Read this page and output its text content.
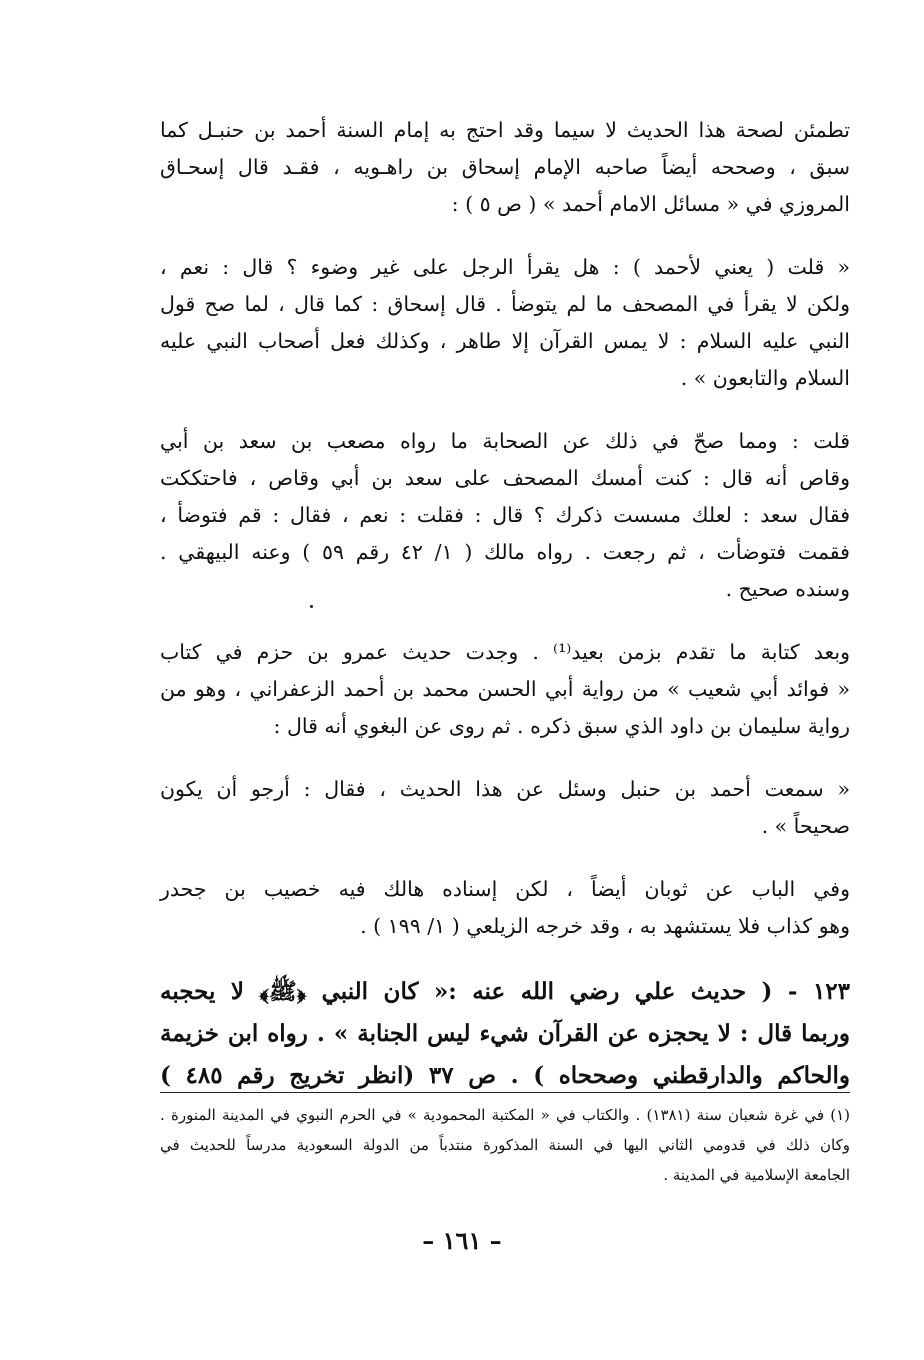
تطمئن لصحة هذا الحديث لا سيما وقد احتج به إمام السنة أحمد بن حنبـل كما
سبق ، وصححه أيضاً صاحبه الإمام إسحاق بن راهـويه ، فقـد قال إسحـاق
المروزي في « مسائل الامام أحمد » ( ص ٥ ) :

« قلت ( يعني لأحمد ) : هل يقرأ الرجل على غير وضوء ؟ قال : نعم ،
ولكن لا يقرأ في المصحف ما لم يتوضأ . قال إسحاق : كما قال ، لما صح قول
النبي عليه السلام : لا يمس القرآن إلا طاهر ، وكذلك فعل أصحاب النبي عليه
السلام والتابعون » .

قلت : ومما صحّ في ذلك عن الصحابة ما رواه مصعب بن سعد بن أبي
وقاص أنه قال : كنت أمسك المصحف على سعد بن أبي وقاص ، فاحتككت
فقال سعد : لعلك مسست ذكرك ؟ قال : فقلت : نعم ، فقال : قم فتوضأ ،
فقمت فتوضأت ، ثم رجعت . رواه مالك ( ١/ ٤٢ رقم ٥٩ ) وعنه البيهقي .
وسنده صحيح .

وبعد كتابة ما تقدم بزمن بعيد⁽¹⁾ . وجدت حديث عمرو بن حزم في كتاب
« فوائد أبي شعيب » من رواية أبي الحسن محمد بن أحمد الزعفراني ، وهو من
رواية سليمان بن داود الذي سبق ذكره . ثم روى عن البغوي أنه قال :

« سمعت أحمد بن حنبل وسئل عن هذا الحديث ، فقال : أرجو أن يكون
صحيحاً » .

وفي الباب عن ثوبان أيضاً ، لكن إسناده هالك فيه خصيب بن جحدر
وهو كذاب فلا يستشهد به ، وقد خرجه الزيلعي ( ١/ ١٩٩ ) .

١٢٣ - ( حديث علي رضي الله عنه :« كان النبي ﴿ﷺ﴾ لا يحجبه
وربما قال : لا يحجزه عن القرآن شيء ليس الجنابة » . رواه ابن خزيمة
والحاكم والدارقطني وصححاه ) . ص ٣٧ (انظر تخريج رقم ٤٨٥ )

(١) في غرة شعبان سنة (١٣٨١) . والكتاب في « المكتبة المحمودية » في الحرم النبوي في المدينة المنورة .
وكان ذلك في قدومي الثاني اليها في السنة المذكورة منتدباً من الدولة السعودية مدرساً للحديث في
الجامعة الإسلامية في المدينة .
– ١٦١ –
